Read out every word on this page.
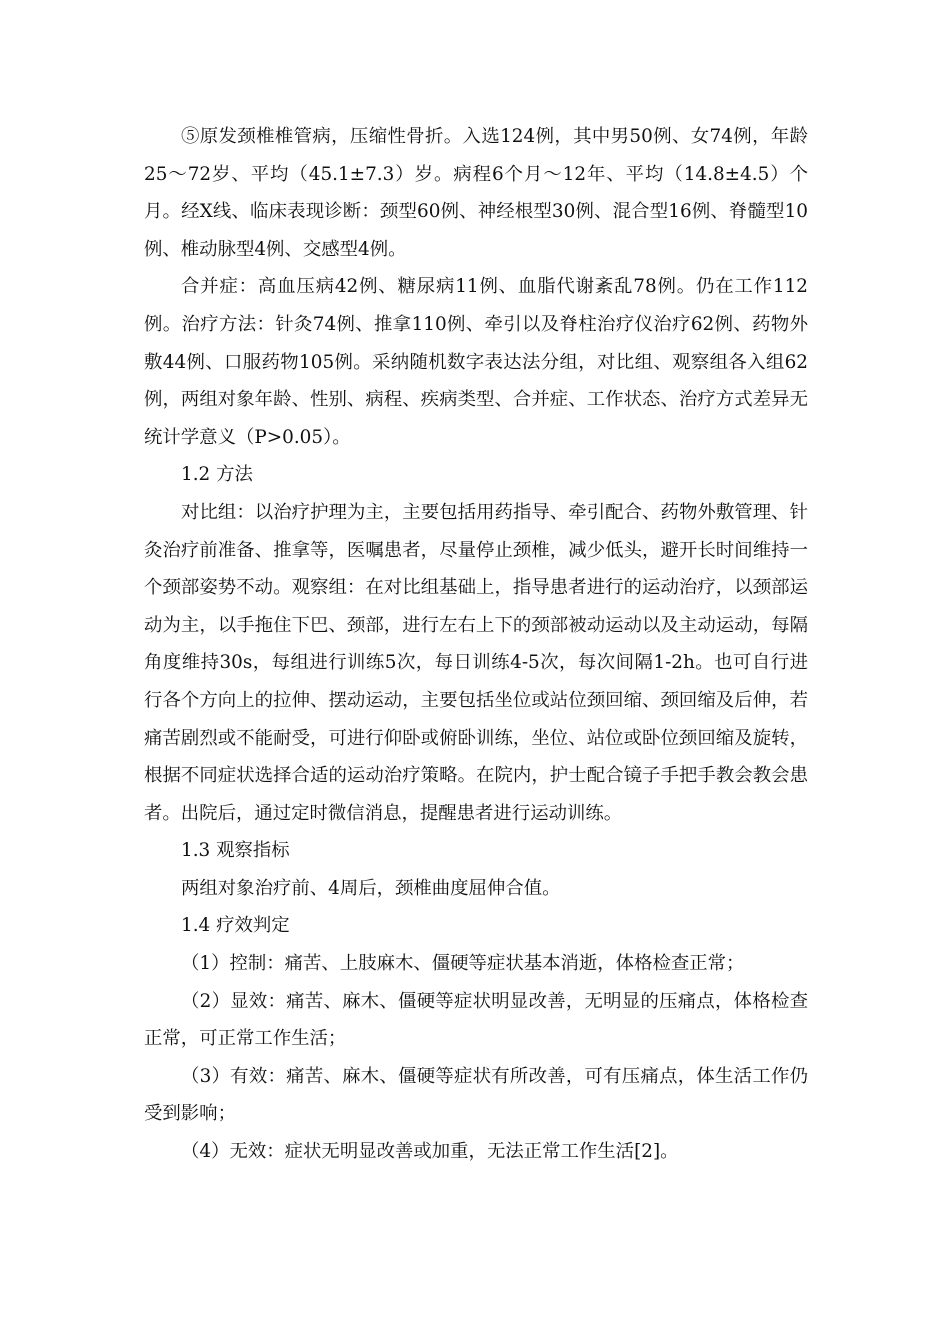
⑤原发颈椎椎管病，压缩性骨折。入选124例，其中男50例、女74例，年龄25～72岁、平均（45.1±7.3）岁。病程6个月～12年、平均（14.8±4.5）个月。经X线、临床表现诊断：颈型60例、神经根型30例、混合型16例、脊髓型10例、椎动脉型4例、交感型4例。

合并症：高血压病42例、糖尿病11例、血脂代谢紊乱78例。仍在工作112例。治疗方法：针灸74例、推拿110例、牵引以及脊柱治疗仪治疗62例、药物外敷44例、口服药物105例。采纳随机数字表达法分组，对比组、观察组各入组62例，两组对象年龄、性别、病程、疾病类型、合并症、工作状态、治疗方式差异无统计学意义（P>0.05）。

1.2 方法

对比组：以治疗护理为主，主要包括用药指导、牵引配合、药物外敷管理、针灸治疗前准备、推拿等，医嘱患者，尽量停止颈椎，减少低头，避开长时间维持一个颈部姿势不动。观察组：在对比组基础上，指导患者进行的运动治疗，以颈部运动为主，以手拖住下巴、颈部，进行左右上下的颈部被动运动以及主动运动，每隔角度维持30s，每组进行训练5次，每日训练4-5次，每次间隔1-2h。也可自行进行各个方向上的拉伸、摆动运动，主要包括坐位或站位颈回缩、颈回缩及后伸，若痛苦剧烈或不能耐受，可进行仰卧或俯卧训练，坐位、站位或卧位颈回缩及旋转，根据不同症状选择合适的运动治疗策略。在院内，护士配合镜子手把手教会教会患者。出院后，通过定时微信消息，提醒患者进行运动训练。

1.3 观察指标

两组对象治疗前、4周后，颈椎曲度屈伸合值。

1.4 疗效判定

（1）控制：痛苦、上肢麻木、僵硬等症状基本消逝，体格检查正常；

（2）显效：痛苦、麻木、僵硬等症状明显改善，无明显的压痛点，体格检查正常，可正常工作生活；

（3）有效：痛苦、麻木、僵硬等症状有所改善，可有压痛点，体生活工作仍受到影响；

（4）无效：症状无明显改善或加重，无法正常工作生活[2]。
